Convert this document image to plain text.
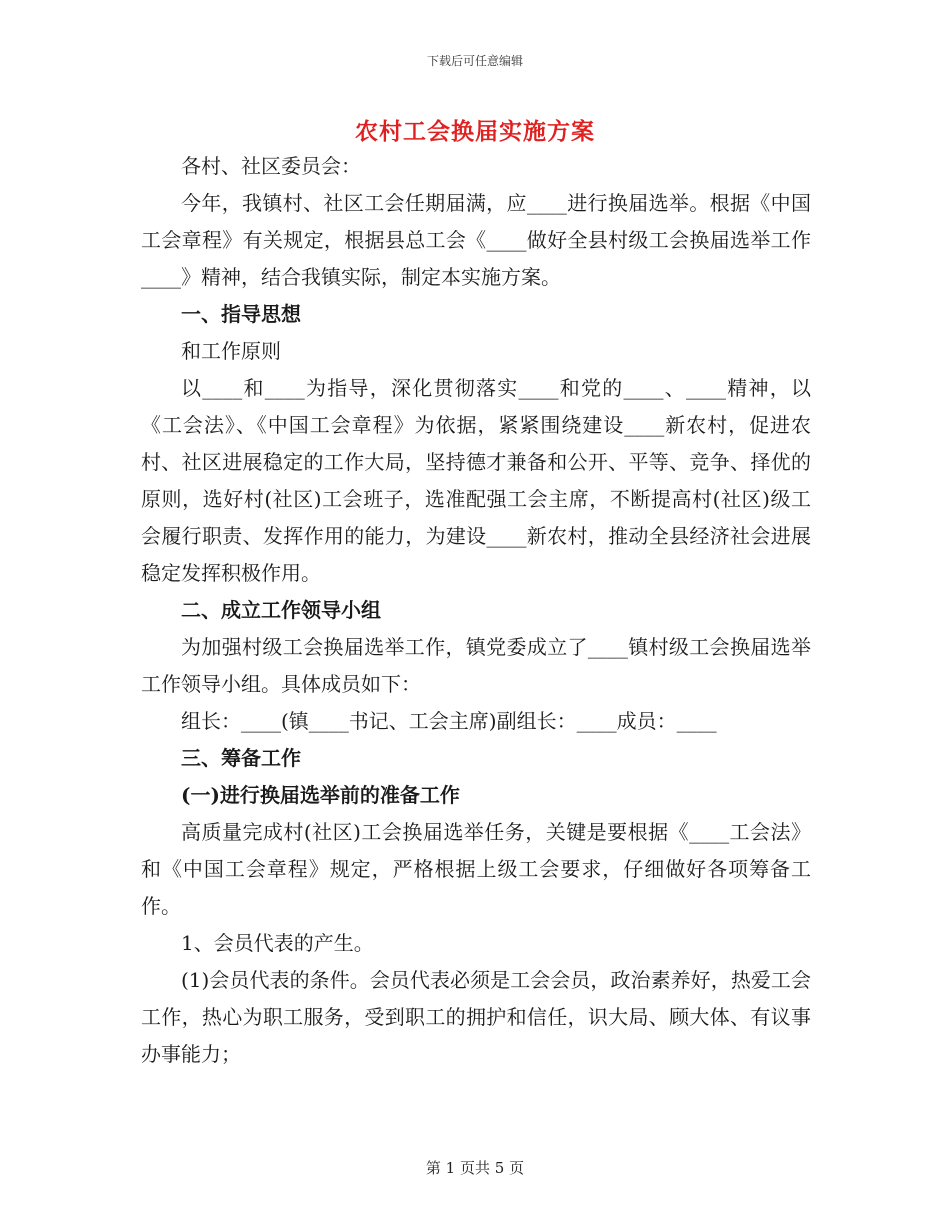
下载后可任意编辑
农村工会换届实施方案

各村、社区委员会：

今年，我镇村、社区工会任期届满，应____进行换届选举。根据《中国工会章程》有关规定，根据县总工会《____做好全县村级工会换届选举工作____》精神，结合我镇实际，制定本实施方案。

一、指导思想

和工作原则

以____和____为指导，深化贯彻落实____和党的____、____精神，以《工会法》、《中国工会章程》为依据，紧紧围绕建设____新农村，促进农村、社区进展稳定的工作大局，坚持德才兼备和公开、平等、竞争、择优的原则，选好村(社区)工会班子，选准配强工会主席，不断提高村(社区)级工会履行职责、发挥作用的能力，为建设____新农村，推动全县经济社会进展稳定发挥积极作用。

二、成立工作领导小组

为加强村级工会换届选举工作，镇党委成立了____镇村级工会换届选举工作领导小组。具体成员如下：

组长：____(镇____书记、工会主席)副组长：____成员：____

三、筹备工作

(一)进行换届选举前的准备工作

高质量完成村(社区)工会换届选举任务，关键是要根据《____工会法》和《中国工会章程》规定，严格根据上级工会要求，仔细做好各项筹备工作。

1、会员代表的产生。

(1)会员代表的条件。会员代表必须是工会会员，政治素养好，热爱工会工作，热心为职工服务，受到职工的拥护和信任，识大局、顾大体、有议事办事能力；

第 1 页共 5 页
